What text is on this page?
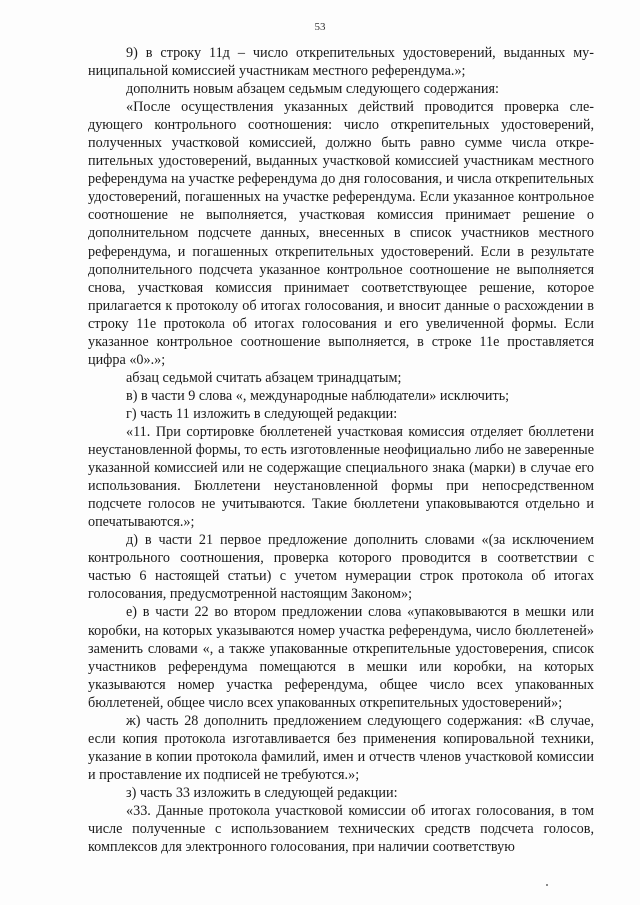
53

9) в строку 11д – число открепительных удостоверений, выданных муниципальной комиссией участникам местного референдума.»;

дополнить новым абзацем седьмым следующего содержания:

«После осуществления указанных действий проводится проверка следующего контрольного соотношения: число открепительных удостоверений, полученных участковой комиссией, должно быть равно сумме числа открепительных удостоверений, выданных участковой комиссией участникам местного референдума на участке референдума до дня голосования, и числа открепительных удостоверений, погашенных на участке референдума. Если указанное контрольное соотношение не выполняется, участковая комиссия принимает решение о дополнительном подсчете данных, внесенных в список участников местного референдума, и погашенных открепительных удостоверений. Если в результате дополнительного подсчета указанное контрольное соотношение не выполняется снова, участковая комиссия принимает соответствующее решение, которое прилагается к протоколу об итогах голосования, и вносит данные о расхождении в строку 11е протокола об итогах голосования и его увеличенной формы. Если указанное контрольное соотношение выполняется, в строке 11е проставляется цифра «0».»;

абзац седьмой считать абзацем тринадцатым;

в) в части 9 слова «, международные наблюдатели» исключить;

г) часть 11 изложить в следующей редакции:

«11. При сортировке бюллетеней участковая комиссия отделяет бюллетени неустановленной формы, то есть изготовленные неофициально либо не заверенные указанной комиссией или не содержащие специального знака (марки) в случае его использования. Бюллетени неустановленной формы при непосредственном подсчете голосов не учитываются. Такие бюллетени упаковываются отдельно и опечатываются.»;

д) в части 21 первое предложение дополнить словами «(за исключением контрольного соотношения, проверка которого проводится в соответствии с частью 6 настоящей статьи) с учетом нумерации строк протокола об итогах голосования, предусмотренной настоящим Законом»;

е) в части 22 во втором предложении слова «упаковываются в мешки или коробки, на которых указываются номер участка референдума, число бюллетеней» заменить словами «, а также упакованные открепительные удостоверения, список участников референдума помещаются в мешки или коробки, на которых указываются номер участка референдума, общее число всех упакованных бюллетеней, общее число всех упакованных открепительных удостоверений»;

ж) часть 28 дополнить предложением следующего содержания: «В случае, если копия протокола изготавливается без применения копировальной техники, указание в копии протокола фамилий, имен и отчеств членов участковой комиссии и проставление их подписей не требуются.»;

з) часть 33 изложить в следующей редакции:

«33. Данные протокола участковой комиссии об итогах голосования, в том числе полученные с использованием технических средств подсчета голосов, комплексов для электронного голосования, при наличии соответствую
